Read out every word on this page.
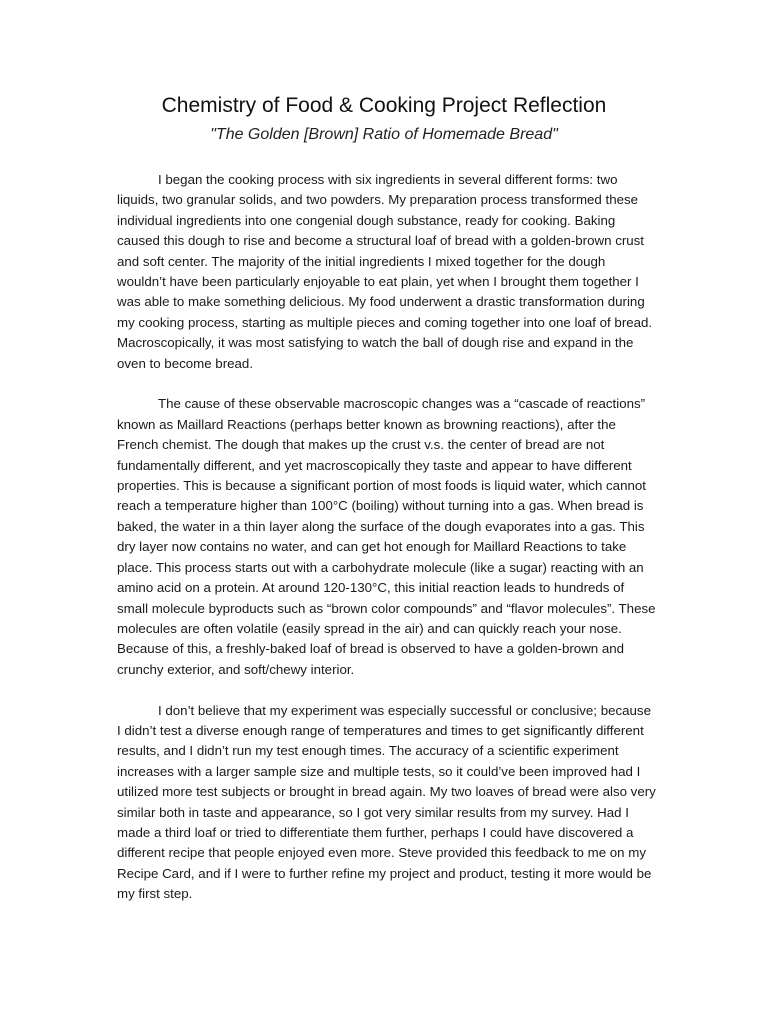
Chemistry of Food & Cooking Project Reflection
"The Golden [Brown] Ratio of Homemade Bread"

I began the cooking process with six ingredients in several different forms: two
liquids, two granular solids, and two powders. My preparation process transformed these
individual ingredients into one congenial dough substance, ready for cooking. Baking
caused this dough to rise and become a structural loaf of bread with a golden-brown crust
and soft center. The majority of the initial ingredients I mixed together for the dough
wouldn’t have been particularly enjoyable to eat plain, yet when I brought them together I
was able to make something delicious. My food underwent a drastic transformation during
my cooking process, starting as multiple pieces and coming together into one loaf of bread.
Macroscopically, it was most satisfying to watch the ball of dough rise and expand in the
oven to become bread.

The cause of these observable macroscopic changes was a “cascade of reactions”
known as Maillard Reactions (perhaps better known as browning reactions), after the
French chemist. The dough that makes up the crust v.s. the center of bread are not
fundamentally different, and yet macroscopically they taste and appear to have different
properties. This is because a significant portion of most foods is liquid water, which cannot
reach a temperature higher than 100°C (boiling) without turning into a gas. When bread is
baked, the water in a thin layer along the surface of the dough evaporates into a gas. This
dry layer now contains no water, and can get hot enough for Maillard Reactions to take
place. This process starts out with a carbohydrate molecule (like a sugar) reacting with an
amino acid on a protein. At around 120-130°C, this initial reaction leads to hundreds of
small molecule byproducts such as “brown color compounds” and “flavor molecules”. These
molecules are often volatile (easily spread in the air) and can quickly reach your nose.
Because of this, a freshly-baked loaf of bread is observed to have a golden-brown and
crunchy exterior, and soft/chewy interior.

I don’t believe that my experiment was especially successful or conclusive; because
I didn’t test a diverse enough range of temperatures and times to get significantly different
results, and I didn’t run my test enough times. The accuracy of a scientific experiment
increases with a larger sample size and multiple tests, so it could’ve been improved had I
utilized more test subjects or brought in bread again. My two loaves of bread were also very
similar both in taste and appearance, so I got very similar results from my survey. Had I
made a third loaf or tried to differentiate them further, perhaps I could have discovered a
different recipe that people enjoyed even more. Steve provided this feedback to me on my
Recipe Card, and if I were to further refine my project and product, testing it more would be
my first step.
